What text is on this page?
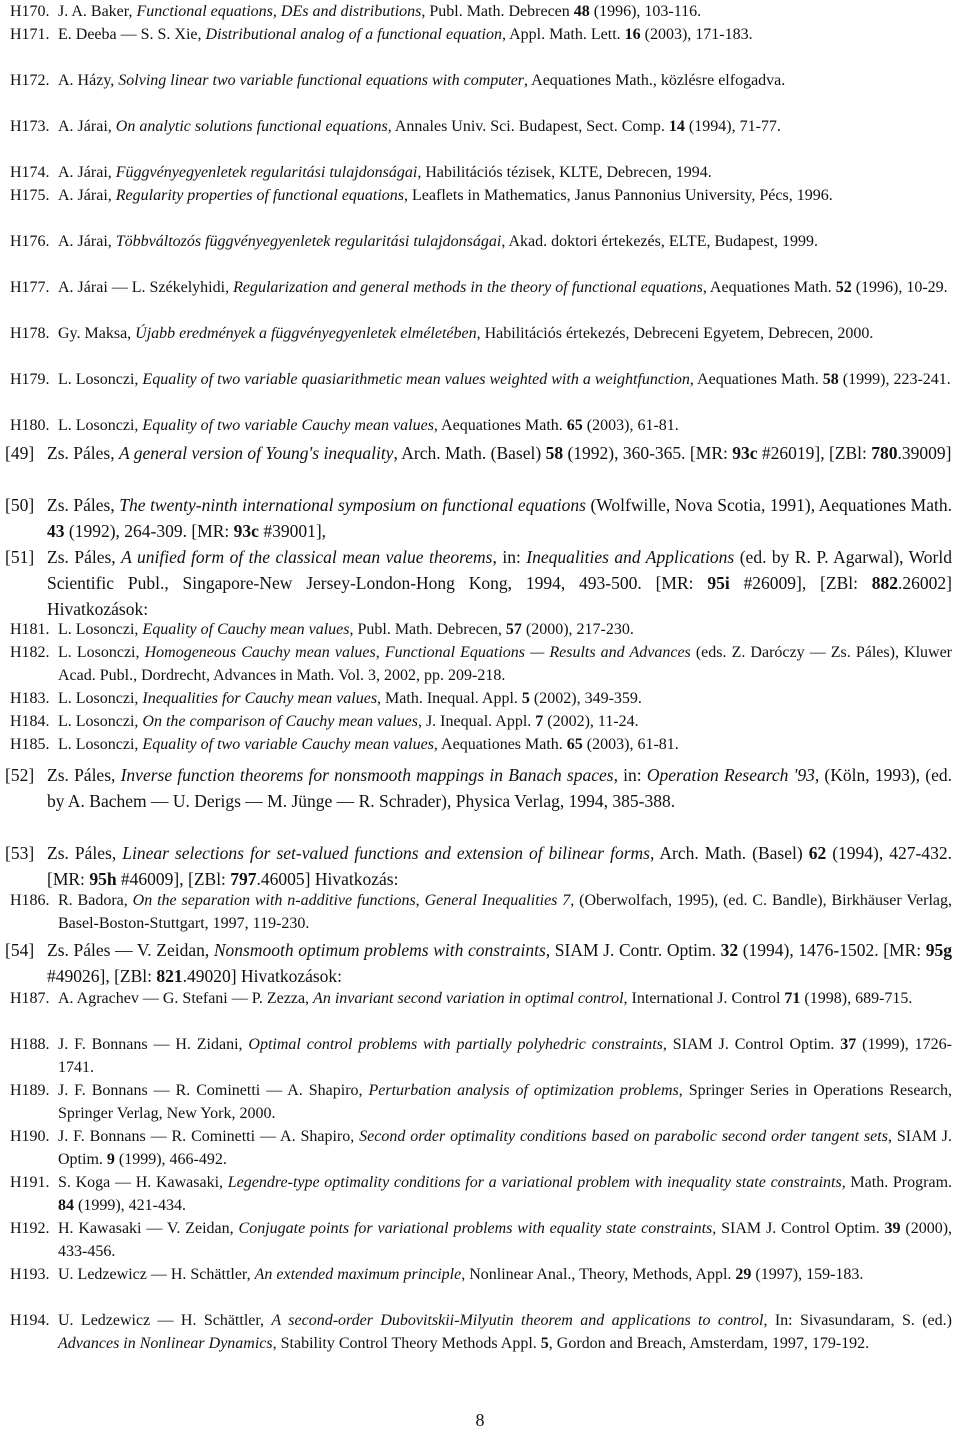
H170. J. A. Baker, Functional equations, DEs and distributions, Publ. Math. Debrecen 48 (1996), 103-116.
H171. E. Deeba — S. S. Xie, Distributional analog of a functional equation, Appl. Math. Lett. 16 (2003), 171-183.
H172. A. Házy, Solving linear two variable functional equations with computer, Aequationes Math., közlésre elfogadva.
H173. A. Járai, On analytic solutions functional equations, Annales Univ. Sci. Budapest, Sect. Comp. 14 (1994), 71-77.
H174. A. Járai, Függvényegyenletek regularitási tulajdonságai, Habilitációs tézisek, KLTE, Debrecen, 1994.
H175. A. Járai, Regularity properties of functional equations, Leaflets in Mathematics, Janus Pannonius University, Pécs, 1996.
H176. A. Járai, Többváltozós függvényegyenletek regularitási tulajdonságai, Akad. doktori értekezés, ELTE, Budapest, 1999.
H177. A. Járai — L. Székelyhidi, Regularization and general methods in the theory of functional equations, Aequationes Math. 52 (1996), 10-29.
H178. Gy. Maksa, Újabb eredmények a függvényegyenletek elméletében, Habilitációs értekezés, Debreceni Egyetem, Debrecen, 2000.
H179. L. Losonczi, Equality of two variable quasiarithmetic mean values weighted with a weightfunction, Aequationes Math. 58 (1999), 223-241.
H180. L. Losonczi, Equality of two variable Cauchy mean values, Aequationes Math. 65 (2003), 61-81.
[49] Zs. Páles, A general version of Young's inequality, Arch. Math. (Basel) 58 (1992), 360-365. [MR: 93c #26019], [ZBl: 780.39009]
[50] Zs. Páles, The twenty-ninth international symposium on functional equations (Wolfwille, Nova Scotia, 1991), Aequationes Math. 43 (1992), 264-309. [MR: 93c #39001],
[51] Zs. Páles, A unified form of the classical mean value theorems, in: Inequalities and Applications (ed. by R. P. Agarwal), World Scientific Publ., Singapore-New Jersey-London-Hong Kong, 1994, 493-500. [MR: 95i #26009], [ZBl: 882.26002] Hivatkozások:
H181. L. Losonczi, Equality of Cauchy mean values, Publ. Math. Debrecen, 57 (2000), 217-230.
H182. L. Losonczi, Homogeneous Cauchy mean values, Functional Equations — Results and Advances (eds. Z. Daróczy — Zs. Páles), Kluwer Acad. Publ., Dordrecht, Advances in Math. Vol. 3, 2002, pp. 209-218.
H183. L. Losonczi, Inequalities for Cauchy mean values, Math. Inequal. Appl. 5 (2002), 349-359.
H184. L. Losonczi, On the comparison of Cauchy mean values, J. Inequal. Appl. 7 (2002), 11-24.
H185. L. Losonczi, Equality of two variable Cauchy mean values, Aequationes Math. 65 (2003), 61-81.
[52] Zs. Páles, Inverse function theorems for nonsmooth mappings in Banach spaces, in: Operation Research '93, (Köln, 1993), (ed. by A. Bachem — U. Derigs — M. Jünge — R. Schrader), Physica Verlag, 1994, 385-388.
[53] Zs. Páles, Linear selections for set-valued functions and extension of bilinear forms, Arch. Math. (Basel) 62 (1994), 427-432. [MR: 95h #46009], [ZBl: 797.46005] Hivatkozás:
H186. R. Badora, On the separation with n-additive functions, General Inequalities 7, (Oberwolfach, 1995), (ed. C. Bandle), Birkhäuser Verlag, Basel-Boston-Stuttgart, 1997, 119-230.
[54] Zs. Páles — V. Zeidan, Nonsmooth optimum problems with constraints, SIAM J. Contr. Optim. 32 (1994), 1476-1502. [MR: 95g #49026], [ZBl: 821.49020] Hivatkozások:
H187. A. Agrachev — G. Stefani — P. Zezza, An invariant second variation in optimal control, International J. Control 71 (1998), 689-715.
H188. J. F. Bonnans — H. Zidani, Optimal control problems with partially polyhedric constraints, SIAM J. Control Optim. 37 (1999), 1726-1741.
H189. J. F. Bonnans — R. Cominetti — A. Shapiro, Perturbation analysis of optimization problems, Springer Series in Operations Research, Springer Verlag, New York, 2000.
H190. J. F. Bonnans — R. Cominetti — A. Shapiro, Second order optimality conditions based on parabolic second order tangent sets, SIAM J. Optim. 9 (1999), 466-492.
H191. S. Koga — H. Kawasaki, Legendre-type optimality conditions for a variational problem with inequality state constraints, Math. Program. 84 (1999), 421-434.
H192. H. Kawasaki — V. Zeidan, Conjugate points for variational problems with equality state constraints, SIAM J. Control Optim. 39 (2000), 433-456.
H193. U. Ledzewicz — H. Schättler, An extended maximum principle, Nonlinear Anal., Theory, Methods, Appl. 29 (1997), 159-183.
H194. U. Ledzewicz — H. Schättler, A second-order Dubovitskii-Milyutin theorem and applications to control, In: Sivasundaram, S. (ed.) Advances in Nonlinear Dynamics, Stability Control Theory Methods Appl. 5, Gordon and Breach, Amsterdam, 1997, 179-192.
8
